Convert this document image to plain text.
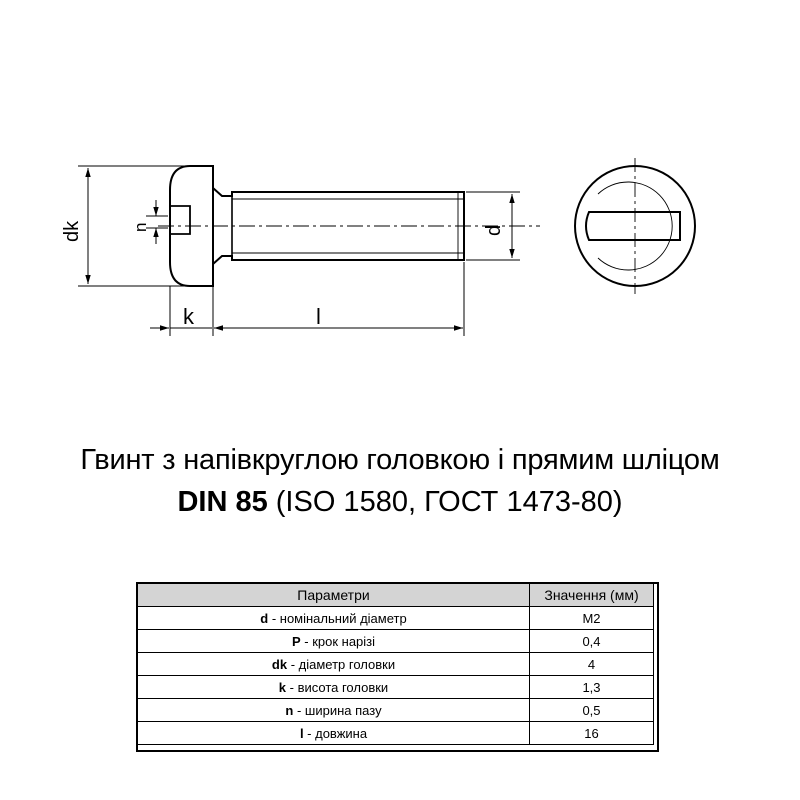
dk	n	d
k	l
Гвинт з напівкруглою головкою і прямим шліцом
DIN 85 (ISO 1580, ГОСТ 1473-80)
Параметри	Значення (мм)
d - номінальний діаметр	M2
P - крок нарізі	0,4
dk - діаметр головки	4
k - висота головки	1,3
n - ширина пазу	0,5
l - довжина	16
